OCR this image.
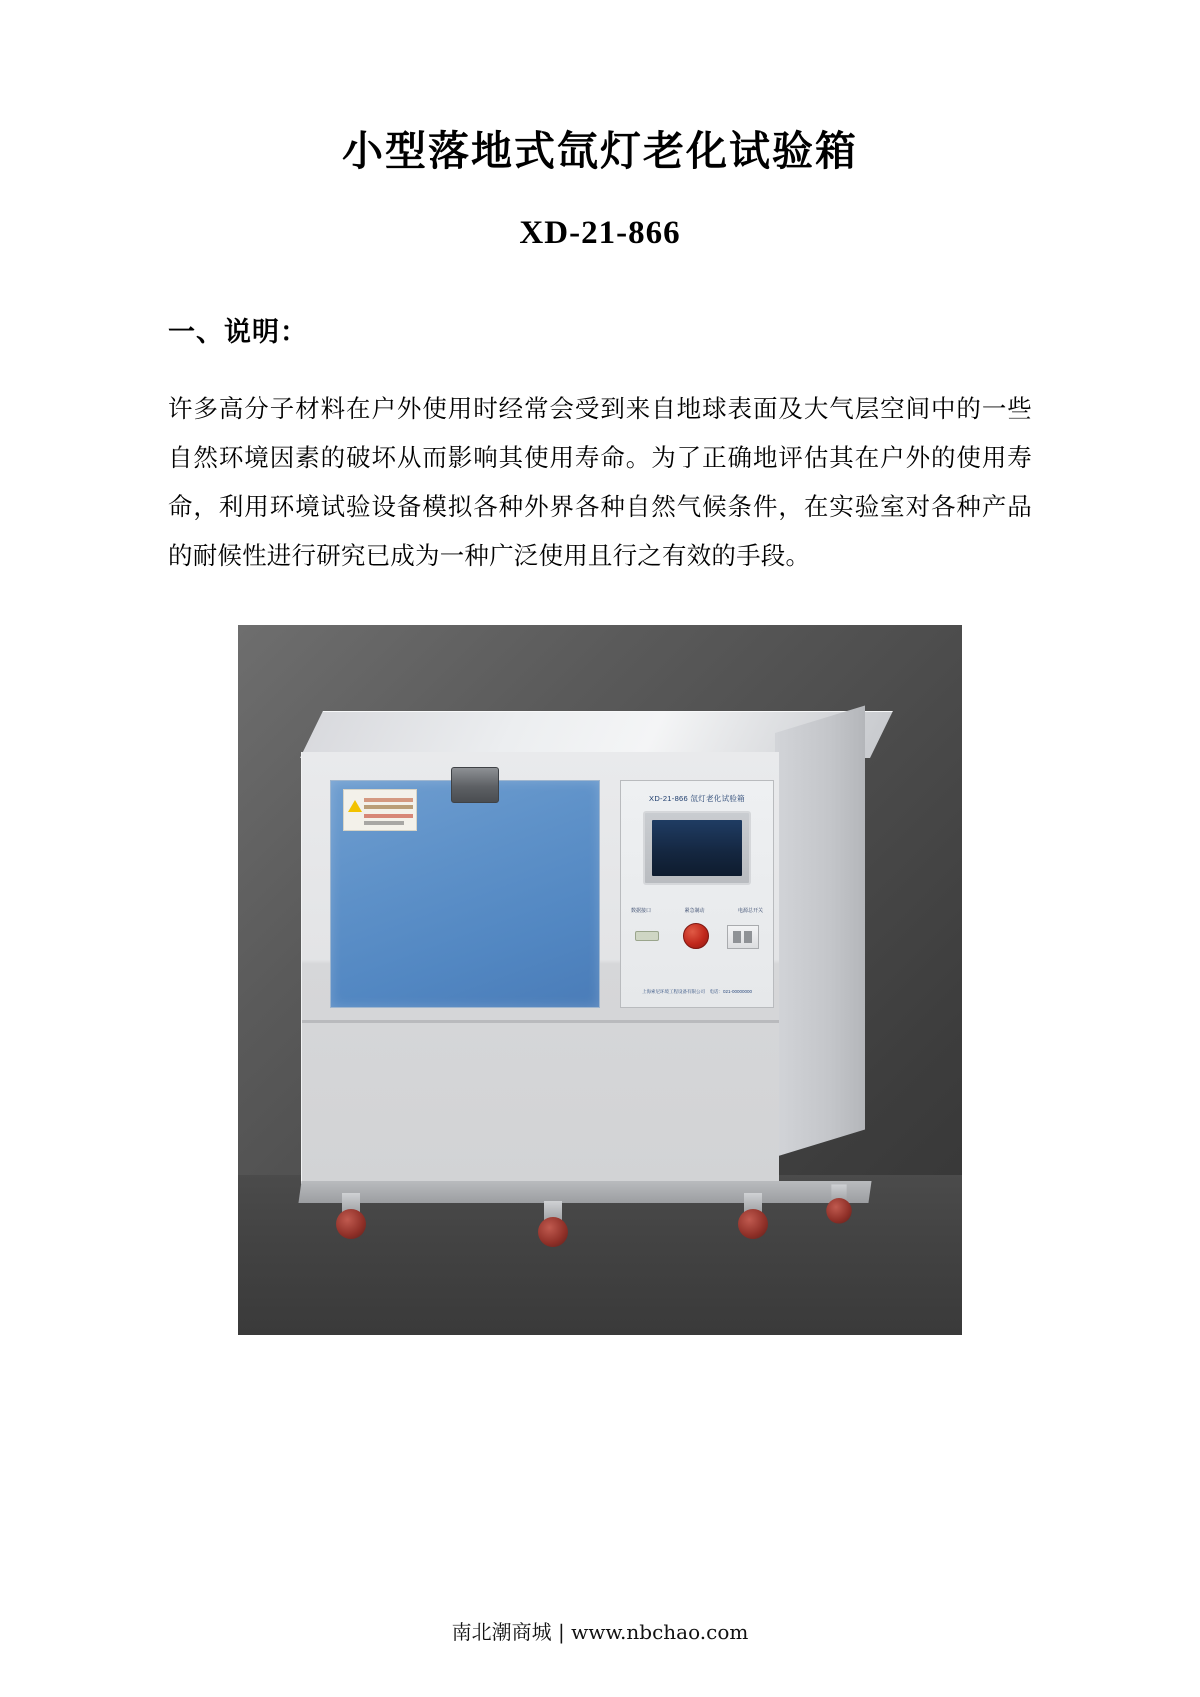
小型落地式氙灯老化试验箱
XD-21-866
一、说明：

许多高分子材料在户外使用时经常会受到来自地球表面及大气层空间中的一些自然环境因素的破坏从而影响其使用寿命。为了正确地评估其在户外的使用寿命，利用环境试验设备模拟各种外界各种自然气候条件，在实验室对各种产品的耐候性进行研究已成为一种广泛使用且行之有效的手段。

XD-21-866 氙灯老化试验箱
数据接口	紧急制动	电源总开关
上海索尼环境工程设备有限公司　电话：021-00000000
南北潮商城 | www.nbchao.com
